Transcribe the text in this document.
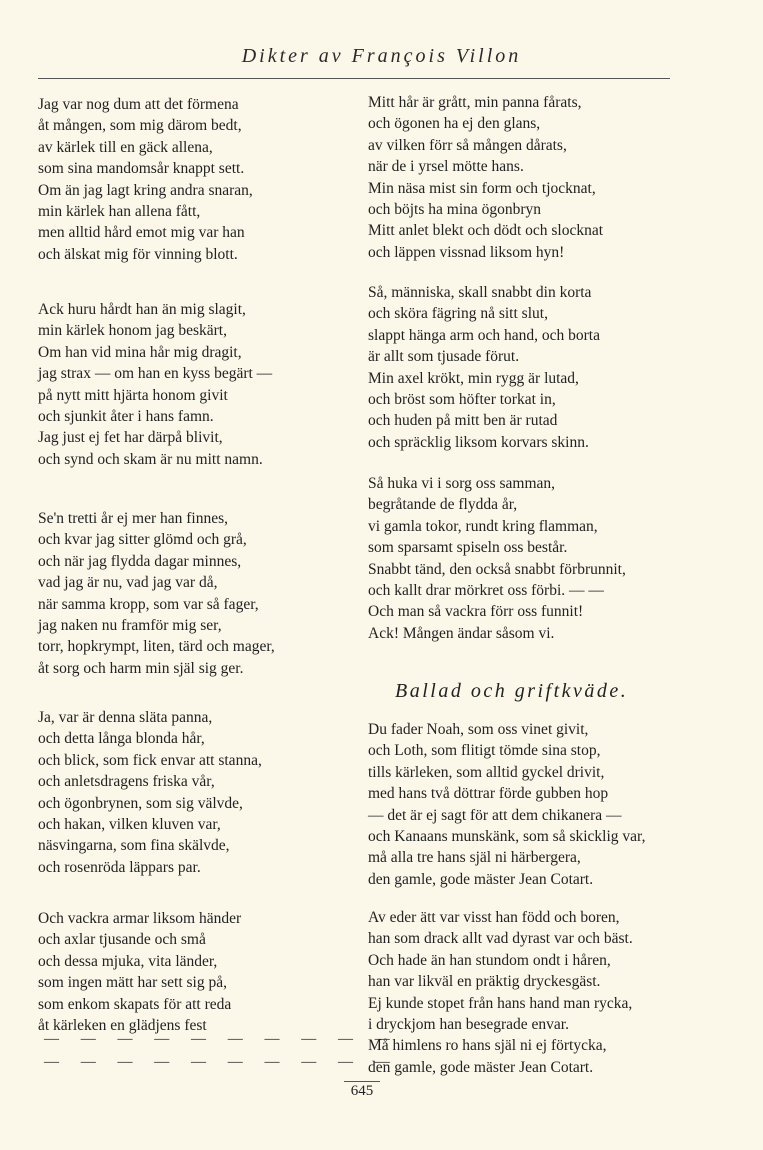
Dikter av François Villon
Jag var nog dum att det förmena
åt mången, som mig därom bedt,
av kärlek till en gäck allena,
som sina mandomsår knappt sett.
Om än jag lagt kring andra snaran,
min kärlek han allena fått,
men alltid hård emot mig var han
och älskat mig för vinning blott.
Ack huru hårdt han än mig slagit,
min kärlek honom jag beskärt,
Om han vid mina hår mig dragit,
jag strax — om han en kyss begärt —
på nytt mitt hjärta honom givit
och sjunkit åter i hans famn.
Jag just ej fet har därpå blivit,
och synd och skam är nu mitt namn.
Se'n tretti år ej mer han finnes,
och kvar jag sitter glömd och grå,
och när jag flydda dagar minnes,
vad jag är nu, vad jag var då,
när samma kropp, som var så fager,
jag naken nu framför mig ser,
torr, hopkrympt, liten, tärd och mager,
åt sorg och harm min själ sig ger.
Ja, var är denna släta panna,
och detta långa blonda hår,
och blick, som fick envar att stanna,
och anletsdragens friska vår,
och ögonbrynen, som sig välvde,
och hakan, vilken kluven var,
näsvingarna, som fina skälvde,
och rosenröda läppars par.
Och vackra armar liksom händer
och axlar tjusande och små
och dessa mjuka, vita länder,
som ingen mätt har sett sig på,
som enkom skapats för att reda
åt kärleken en glädjens fest
— — — — — — — — — —
— — — — — — — — — —
Mitt hår är grått, min panna fårats,
och ögonen ha ej den glans,
av vilken förr så mången dårats,
när de i yrsel mötte hans.
Min näsa mist sin form och tjocknat,
och böjts ha mina ögonbryn
Mitt anlet blekt och dödt och slocknat
och läppen vissnad liksom hyn!
Så, människa, skall snabbt din korta
och sköra fägring nå sitt slut,
slappt hänga arm och hand, och borta
är allt som tjusade förut.
Min axel krökt, min rygg är lutad,
och bröst som höfter torkat in,
och huden på mitt ben är rutad
och spräcklig liksom korvars skinn.
Så huka vi i sorg oss samman,
begråtande de flydda år,
vi gamla tokor, rundt kring flamman,
som sparsamt spiseln oss består.
Snabbt tänd, den också snabbt förbrunnit,
och kallt drar mörkret oss förbi. — —
Och man så vackra förr oss funnit!
Ack! Mången ändar såsom vi.
Ballad och griftkväde.
Du fader Noah, som oss vinet givit,
och Loth, som flitigt tömde sina stop,
tills kärleken, som alltid gyckel drivit,
med hans två döttrar förde gubben hop
— det är ej sagt för att dem chikanera —
och Kanaans munskänk, som så skicklig var,
må alla tre hans själ ni härbergera,
den gamle, gode mäster Jean Cotart.
Av eder ätt var visst han född och boren,
han som drack allt vad dyrast var och bäst.
Och hade än han stundom ondt i håren,
han var likväl en präktig dryckesgäst.
Ej kunde stopet från hans hand man rycka,
i dryckjom han besegrade envar.
Må himlens ro hans själ ni ej förtycka,
den gamle, gode mäster Jean Cotart.
645
